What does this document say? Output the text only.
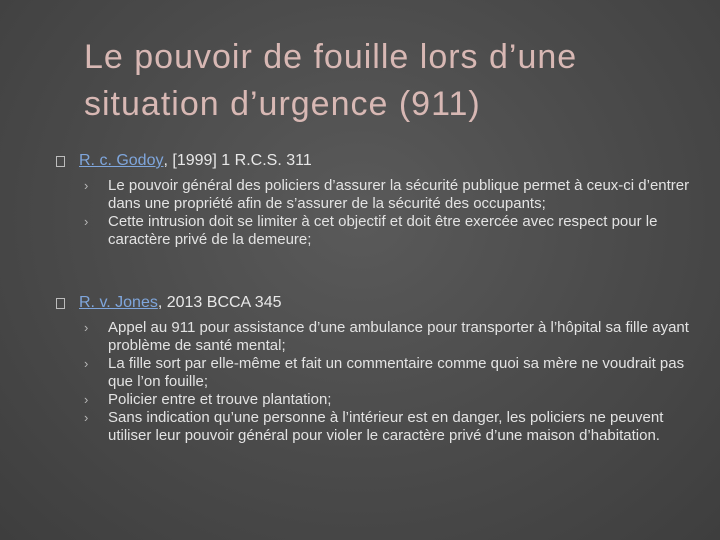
Le pouvoir de fouille lors d’une
situation d’urgence (911)
R. c. Godoy , [1999] 1 R.C.S. 311
› Le pouvoir général des policiers d’assurer la sécurité publique permet à ceux-ci d’entrer dans une propriété afin de s’assurer de la sécurité des occupants;
› Cette intrusion doit se limiter à cet objectif et doit être exercée avec respect pour le caractère privé de la demeure;
R. v. Jones , 2013 BCCA 345
› Appel au 911 pour assistance d’une ambulance pour transporter à l’hôpital sa fille ayant problème de santé mental;
› La fille sort par elle-même et fait un commentaire comme quoi sa mère ne voudrait pas que l’on fouille;
› Policier entre et trouve plantation;
› Sans indication qu’une personne à l’intérieur est en danger, les policiers ne peuvent utiliser leur pouvoir général pour violer le caractère privé d’une maison d’habitation.
